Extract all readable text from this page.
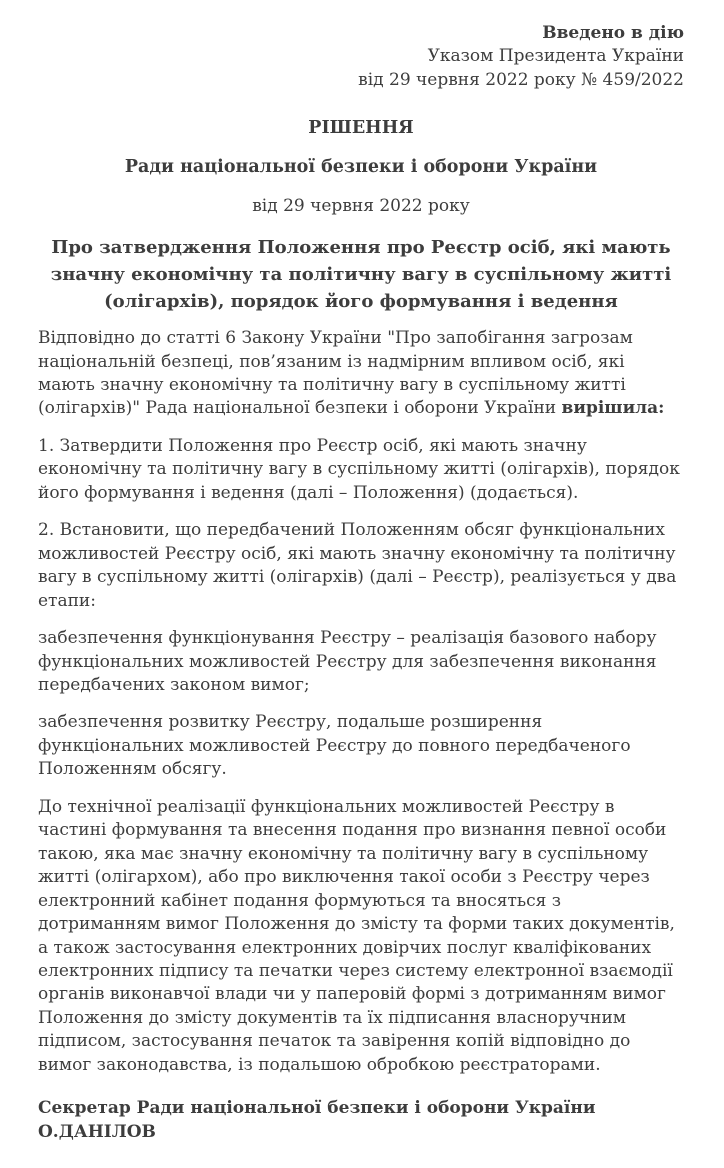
Введено в дію
Указом Президента України
від 29 червня 2022 року № 459/2022
РІШЕННЯ
Ради національної безпеки і оборони України
від 29 червня 2022 року
Про затвердження Положення про Реєстр осіб, які мають значну економічну та політичну вагу в суспільному житті (олігархів), порядок його формування і ведення

Відповідно до статті 6 Закону України "Про запобігання загрозам національній безпеці, пов’язаним із надмірним впливом осіб, які мають значну економічну та політичну вагу в суспільному житті (олігархів)" Рада національної безпеки і оборони України вирішила:

1. Затвердити Положення про Реєстр осіб, які мають значну економічну та політичну вагу в суспільному житті (олігархів), порядок його формування і ведення (далі – Положення) (додається).

2. Встановити, що передбачений Положенням обсяг функціональних можливостей Реєстру осіб, які мають значну економічну та політичну вагу в суспільному житті (олігархів) (далі – Реєстр), реалізується у два етапи:

забезпечення функціонування Реєстру – реалізація базового набору функціональних можливостей Реєстру для забезпечення виконання передбачених законом вимог;

забезпечення розвитку Реєстру, подальше розширення функціональних можливостей Реєстру до повного передбаченого Положенням обсягу.

До технічної реалізації функціональних можливостей Реєстру в частині формування та внесення подання про визнання певної особи такою, яка має значну економічну та політичну вагу в суспільному житті (олігархом), або про виключення такої особи з Реєстру через електронний кабінет подання формуються та вносяться з дотриманням вимог Положення до змісту та форми таких документів, а також застосування електронних довірчих послуг кваліфікованих електронних підпису та печатки через систему електронної взаємодії органів виконавчої влади чи у паперовій формі з дотриманням вимог Положення до змісту документів та їх підписання власноручним підписом, застосування печаток та завірення копій відповідно до вимог законодавства, із подальшою обробкою реєстраторами.

Секретар Ради національної безпеки і оборони України О.ДАНІЛОВ
